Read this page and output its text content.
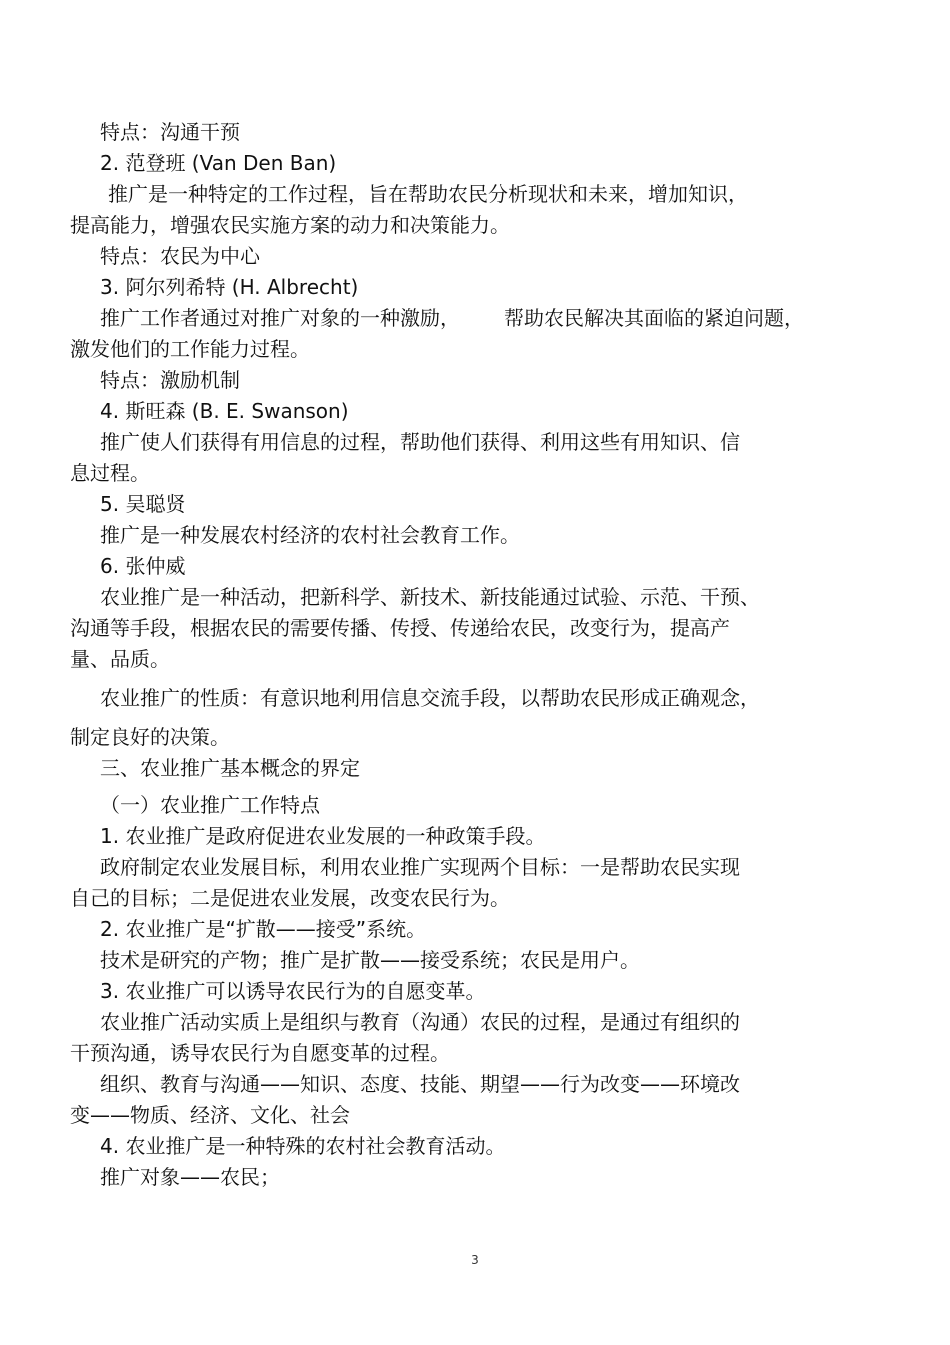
特点：沟通干预
2. 范登班 (Van Den Ban)
推广是一种特定的工作过程，旨在帮助农民分析现状和未来，增加知识，
提高能力，增强农民实施方案的动力和决策能力。
特点：农民为中心
3. 阿尔列希特 (H. Albrecht)
推广工作者通过对推广对象的一种激励， 帮助农民解决其面临的紧迫问题，
激发他们的工作能力过程。
特点：激励机制
4. 斯旺森 (B. E. Swanson)
推广使人们获得有用信息的过程，帮助他们获得、利用这些有用知识、信
息过程。
5. 吴聪贤
推广是一种发展农村经济的农村社会教育工作。
6. 张仲威
农业推广是一种活动，把新科学、新技术、新技能通过试验、示范、干预、
沟通等手段，根据农民的需要传播、传授、传递给农民，改变行为，提高产
量、品质。
农业推广的性质：有意识地利用信息交流手段，以帮助农民形成正确观念，
制定良好的决策。
三、农业推广基本概念的界定
（一）农业推广工作特点
1. 农业推广是政府促进农业发展的一种政策手段。
政府制定农业发展目标，利用农业推广实现两个目标：一是帮助农民实现
自己的目标；二是促进农业发展，改变农民行为。
2. 农业推广是“扩散——接受”系统。
技术是研究的产物；推广是扩散——接受系统；农民是用户。
3. 农业推广可以诱导农民行为的自愿变革。
农业推广活动实质上是组织与教育（沟通）农民的过程，是通过有组织的
干预沟通，诱导农民行为自愿变革的过程。
组织、教育与沟通——知识、态度、技能、期望——行为改变——环境改
变——物质、经济、文化、社会
4. 农业推广是一种特殊的农村社会教育活动。
推广对象——农民；
3
